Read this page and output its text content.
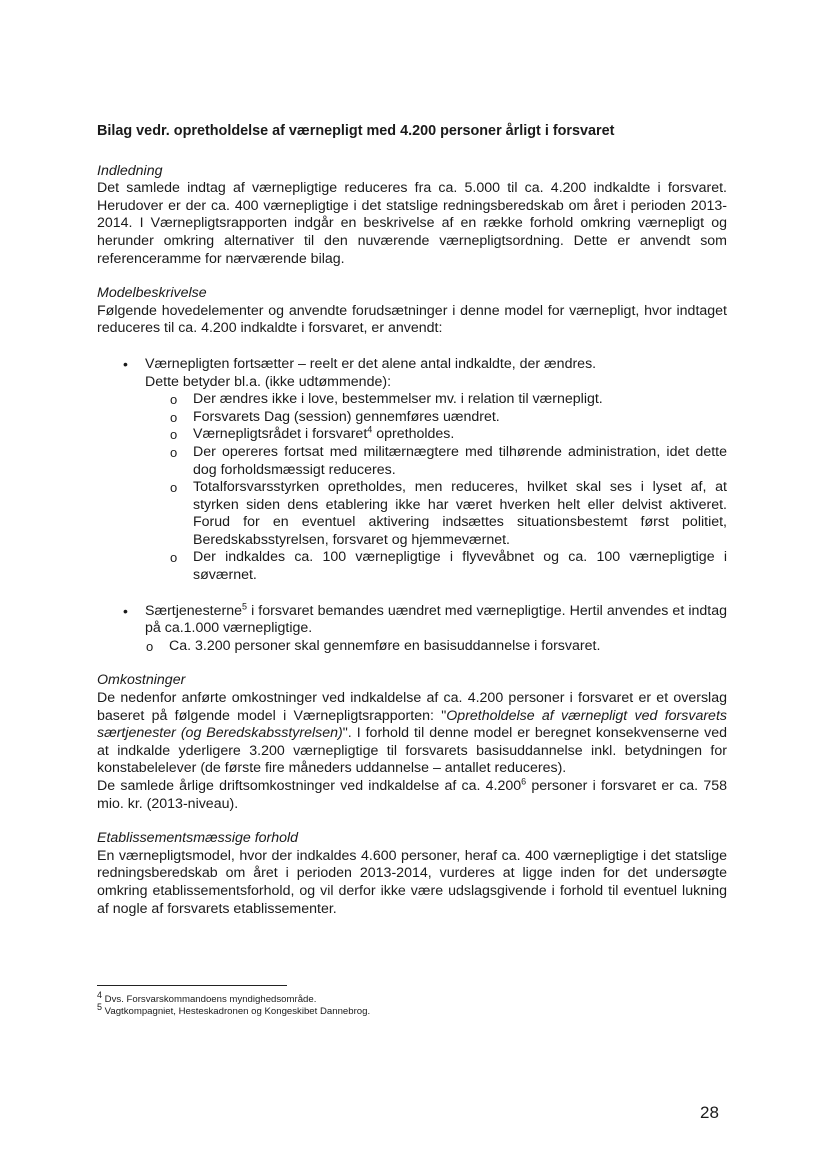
Bilag vedr. opretholdelse af værnepligt med 4.200 personer årligt i forsvaret

Indledning

Det samlede indtag af værnepligtige reduceres fra ca. 5.000 til ca. 4.200 indkaldte i forsvaret. Herudover er der ca. 400 værnepligtige i det statslige redningsberedskab om året i perioden 2013-2014. I Værnepligtsrapporten indgår en beskrivelse af en række forhold omkring værnepligt og herunder omkring alternativer til den nuværende værnepligtsordning. Dette er anvendt som referenceramme for nærværende bilag.

Modelbeskrivelse

Følgende hovedelementer og anvendte forudsætninger i denne model for værnepligt, hvor indtaget reduceres til ca. 4.200 indkaldte i forsvaret, er anvendt:

• Værnepligten fortsætter – reelt er det alene antal indkaldte, der ændres.
Dette betyder bl.a. (ikke udtømmende):
o Der ændres ikke i love, bestemmelser mv. i relation til værnepligt.
o Forsvarets Dag (session) gennemføres uændret.
o Værnepligtsrådet i forsvaret$^4$ opretholdes.
o Der opereres fortsat med militærnægtere med tilhørende administration, idet dette dog forholdsmæssigt reduceres.
o Totalforsvarsstyrken opretholdes, men reduceres, hvilket skal ses i lyset af, at styrken siden dens etablering ikke har været hverken helt eller delvist aktiveret. Forud for en eventuel aktivering indsættes situationsbestemt først politiet, Beredskabsstyrelsen, forsvaret og hjemmeværnet.
o Der indkaldes ca. 100 værnepligtige i flyvevåbnet og ca. 100 værnepligtige i søværnet.
• Særtjenesterne$^5$ i forsvaret bemandes uændret med værnepligtige. Hertil anvendes et indtag på ca.1.000 værnepligtige.
o Ca. 3.200 personer skal gennemføre en basisuddannelse i forsvaret.

Omkostninger

De nedenfor anførte omkostninger ved indkaldelse af ca. 4.200 personer i forsvaret er et overslag baseret på følgende model i Værnepligtsrapporten: "Opretholdelse af værnepligt ved forsvarets særtjenester (og Beredskabsstyrelsen)". I forhold til denne model er beregnet konsekvenserne ved at indkalde yderligere 3.200 værnepligtige til forsvarets basisuddannelse inkl. betydningen for konstabelelever (de første fire måneders uddannelse – antallet reduceres).

De samlede årlige driftsomkostninger ved indkaldelse af ca. 4.200$^6$ personer i forsvaret er ca. 758 mio. kr. (2013-niveau).

Etablissementsmæssige forhold

En værnepligtsmodel, hvor der indkaldes 4.600 personer, heraf ca. 400 værnepligtige i det statslige redningsberedskab om året i perioden 2013-2014, vurderes at ligge inden for det undersøgte omkring etablissementsforhold, og vil derfor ikke være udslagsgivende i forhold til eventuel lukning af nogle af forsvarets etablissementer.

$^4$ Dvs. Forsvarskommandoens myndighedsområde.

$^5$ Vagtkompagniet, Hesteskadronen og Kongeskibet Dannebrog.

28
